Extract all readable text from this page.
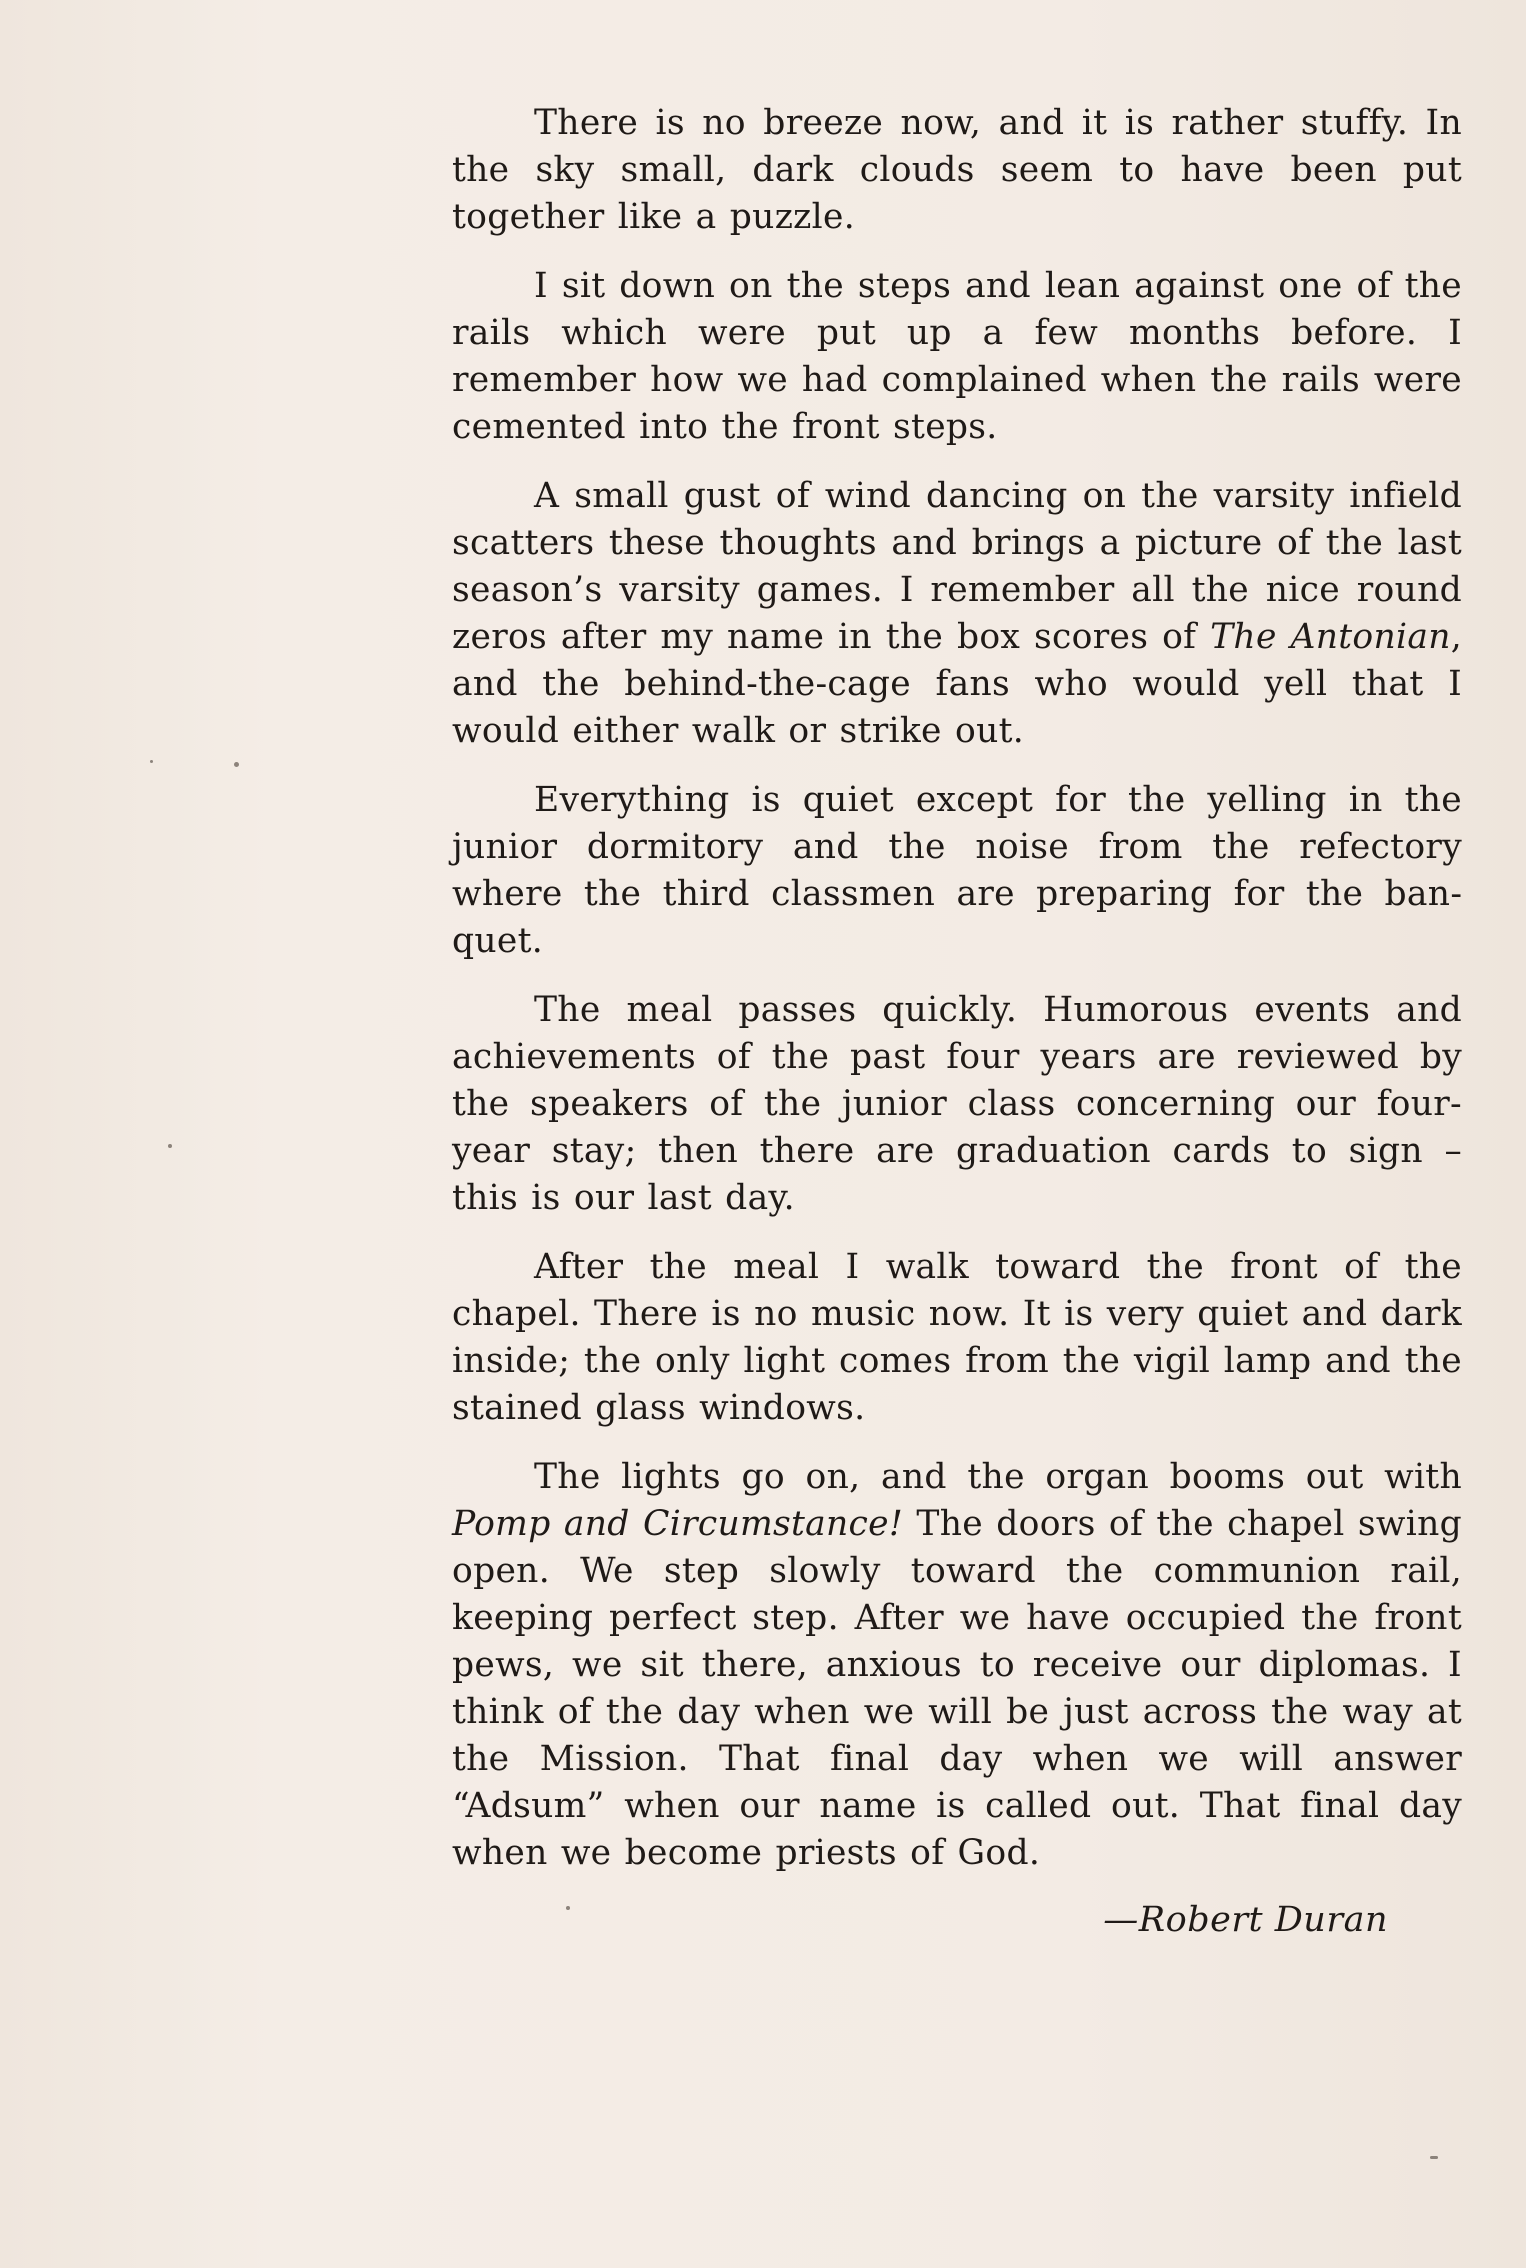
There is no breeze now, and it is rather stuffy. In the sky small, dark clouds seem to have been put together like a puzzle.

I sit down on the steps and lean against one of the rails which were put up a few months before. I remember how we had complained when the rails were cemented into the front steps.

A small gust of wind dancing on the varsity infield scatters these thoughts and brings a picture of the last season’s varsity games. I remember all the nice round zeros after my name in the box scores of The Antonian, and the behind-the-cage fans who would yell that I would either walk or strike out.

Everything is quiet except for the yelling in the junior dormitory and the noise from the refectory where the third classmen are preparing for the banquet.

The meal passes quickly. Humorous events and achievements of the past four years are reviewed by the speakers of the junior class concerning our four-year stay; then there are graduation cards to sign – this is our last day.

After the meal I walk toward the front of the chapel. There is no music now. It is very quiet and dark inside; the only light comes from the vigil lamp and the stained glass windows.

The lights go on, and the organ booms out with Pomp and Circumstance! The doors of the chapel swing open. We step slowly toward the communion rail, keeping perfect step. After we have occupied the front pews, we sit there, anxious to receive our diplomas. I think of the day when we will be just across the way at the Mission. That final day when we will answer “Adsum” when our name is called out. That final day when we become priests of God.

—Robert Duran
